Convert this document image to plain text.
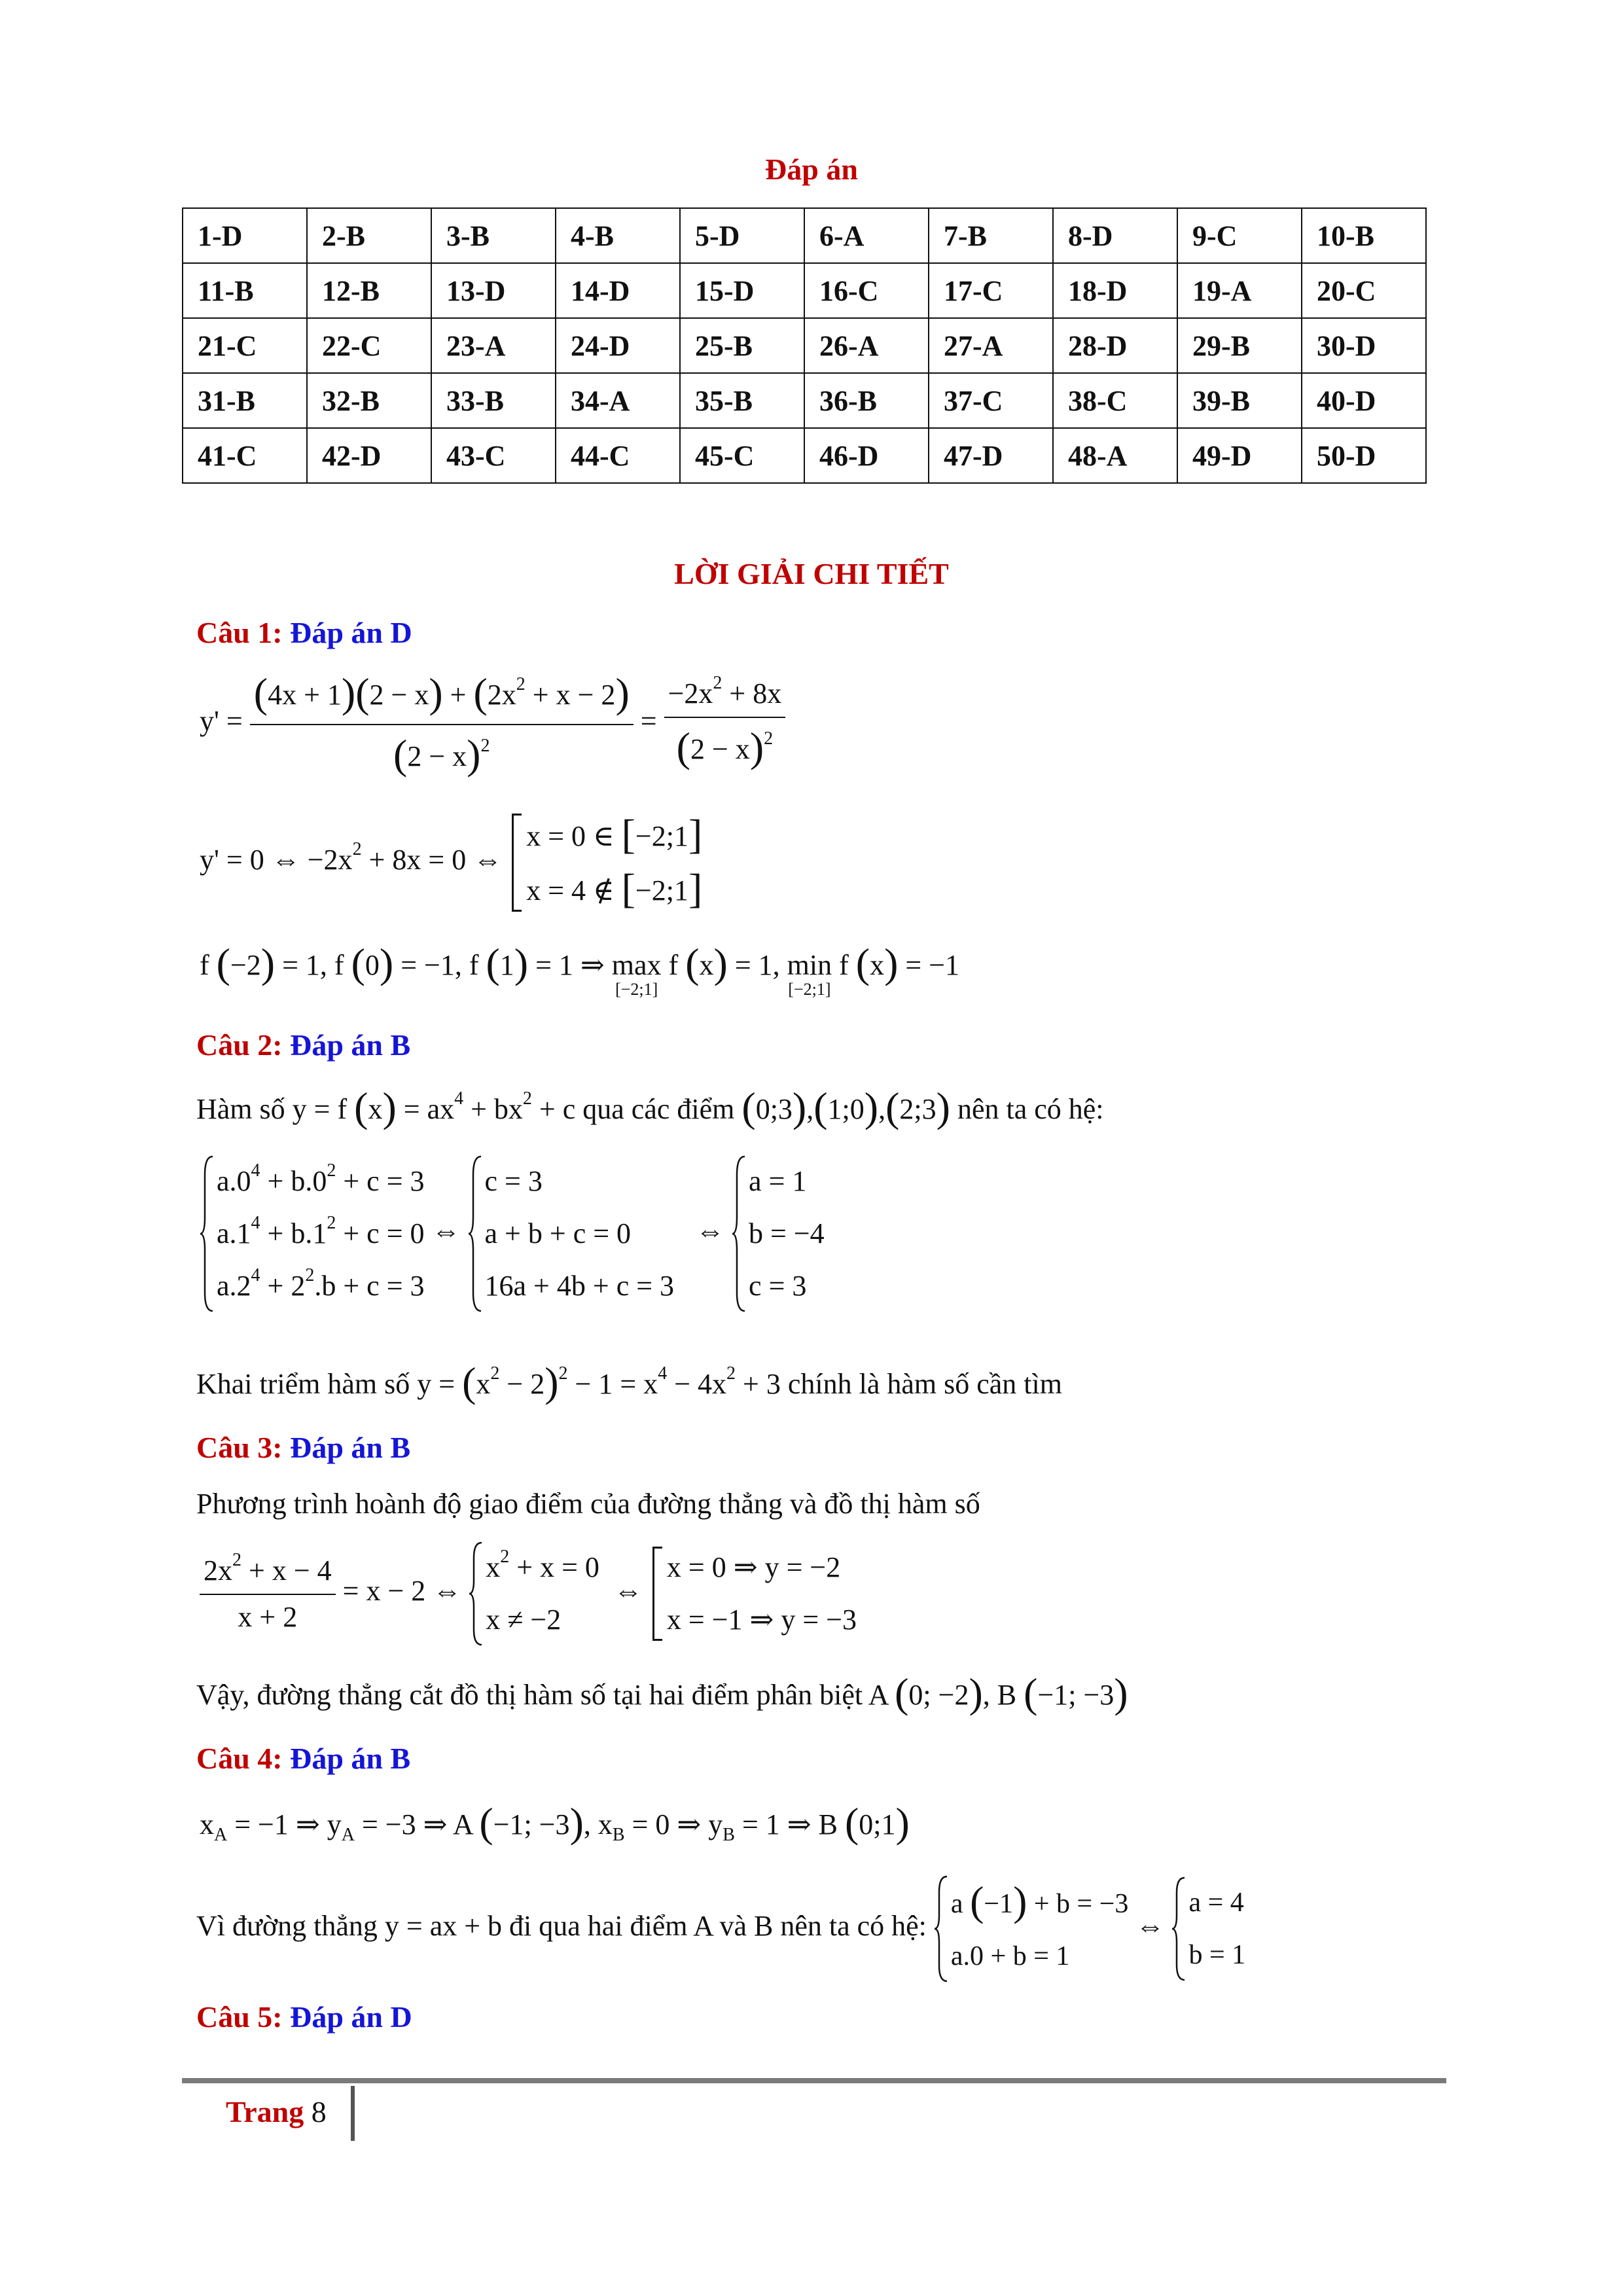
Đáp án
1-D	2-B	3-B	4-B	5-D	6-A	7-B	8-D	9-C	10-B
11-B	12-B	13-D	14-D	15-D	16-C	17-C	18-D	19-A	20-C
21-C	22-C	23-A	24-D	25-B	26-A	27-A	28-D	29-B	30-D
31-B	32-B	33-B	34-A	35-B	36-B	37-C	38-C	39-B	40-D
41-C	42-D	43-C	44-C	45-C	46-D	47-D	48-A	49-D	50-D
LỜI GIẢI CHI TIẾT
Câu 1: Đáp án D
$y' = \frac{(4x + 1)(2 - x) + (2x^2 + x - 2)}{(2 - x)^2} = \frac{-2x^2 + 8x}{(2 - x)^2}$
y' = 0 ⇔ $-2x^2 + 8x = 0$ ⇔
x = 0 ∈ [−2;1]
x = 4 ∉ [−2;1]
f (−2) = 1, f (0) = −1, f (1) = 1 ⇒ max
[−2;1]
f (x) = 1, min
[−2;1]
f (x) = −1
Câu 2: Đáp án B
Hàm số y = f $(x) = ax^4 + bx^2 + c$ qua các điểm (0;3),(1;0),(2;3) nên ta có hệ:
$a.0^4 + b.0^2 + c = 3$
$a.1^4 + b.1^2 + c = 0$
$a.2^4 + 2^2.b + c = 3$
⇔
c = 3
a + b + c = 0
16a + 4b + c = 3
⇔
a = 1
b = −4
c = 3
Khai triểm hàm số $y = (x^2 - 2)^2 - 1 = x^4 - 4x^2 + 3$ chính là hàm số cần tìm
Câu 3: Đáp án B
Phương trình hoành độ giao điểm của đường thẳng và đồ thị hàm số
$\frac{2x^2 + x - 4}{x + 2} = x - 2$ ⇔
$x^2 + x = 0$
x ≠ −2
⇔
x = 0 ⇒ y = −2
x = −1 ⇒ y = −3
Vậy, đường thẳng cắt đồ thị hàm số tại hai điểm phân biệt A (0; −2), B (−1; −3)
Câu 4: Đáp án B
$x_A = -1$ ⇒ $y_A = -3$ ⇒ A (−1; −3), $x_B = 0$ ⇒ $y_B = 1$ ⇒ B (0;1)
Vì đường thẳng y = ax + b đi qua hai điểm A và B nên ta có hệ:
a (−1) + b = −3
a.0 + b = 1
⇔
a = 4
b = 1
Câu 5: Đáp án D
Trang 8
